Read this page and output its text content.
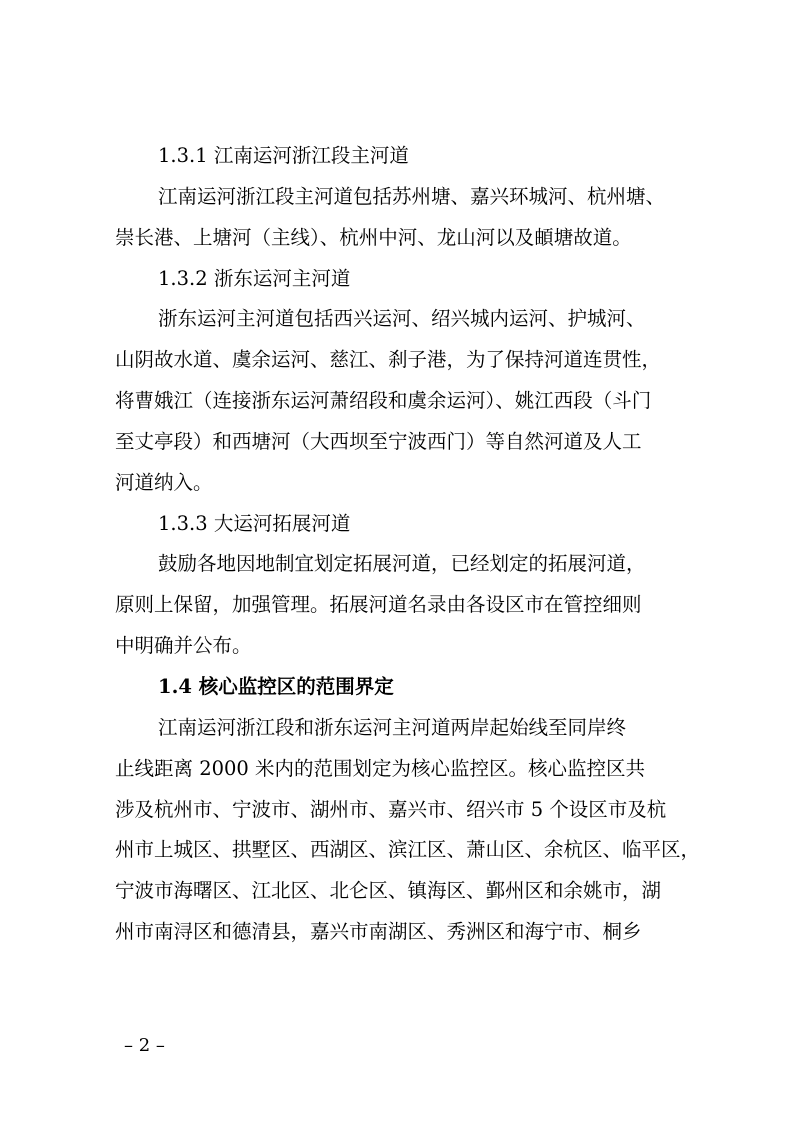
1.3.1 江南运河浙江段主河道
江南运河浙江段主河道包括苏州塘、嘉兴环城河、杭州塘、
崇长港、上塘河（主线）、杭州中河、龙山河以及頔塘故道。
1.3.2 浙东运河主河道
浙东运河主河道包括西兴运河、绍兴城内运河、护城河、
山阴故水道、虞余运河、慈江、刹子港，为了保持河道连贯性，
将曹娥江（连接浙东运河萧绍段和虞余运河）、姚江西段（斗门
至丈亭段）和西塘河（大西坝至宁波西门）等自然河道及人工
河道纳入。
1.3.3 大运河拓展河道
鼓励各地因地制宜划定拓展河道，已经划定的拓展河道，
原则上保留，加强管理。拓展河道名录由各设区市在管控细则
中明确并公布。
1.4 核心监控区的范围界定
江南运河浙江段和浙东运河主河道两岸起始线至同岸终
止线距离 2000 米内的范围划定为核心监控区。核心监控区共
涉及杭州市、宁波市、湖州市、嘉兴市、绍兴市 5 个设区市及杭
州市上城区、拱墅区、西湖区、滨江区、萧山区、余杭区、临平区，
宁波市海曙区、江北区、北仑区、镇海区、鄞州区和余姚市，湖
州市南浔区和德清县，嘉兴市南湖区、秀洲区和海宁市、桐乡
– 2 –
